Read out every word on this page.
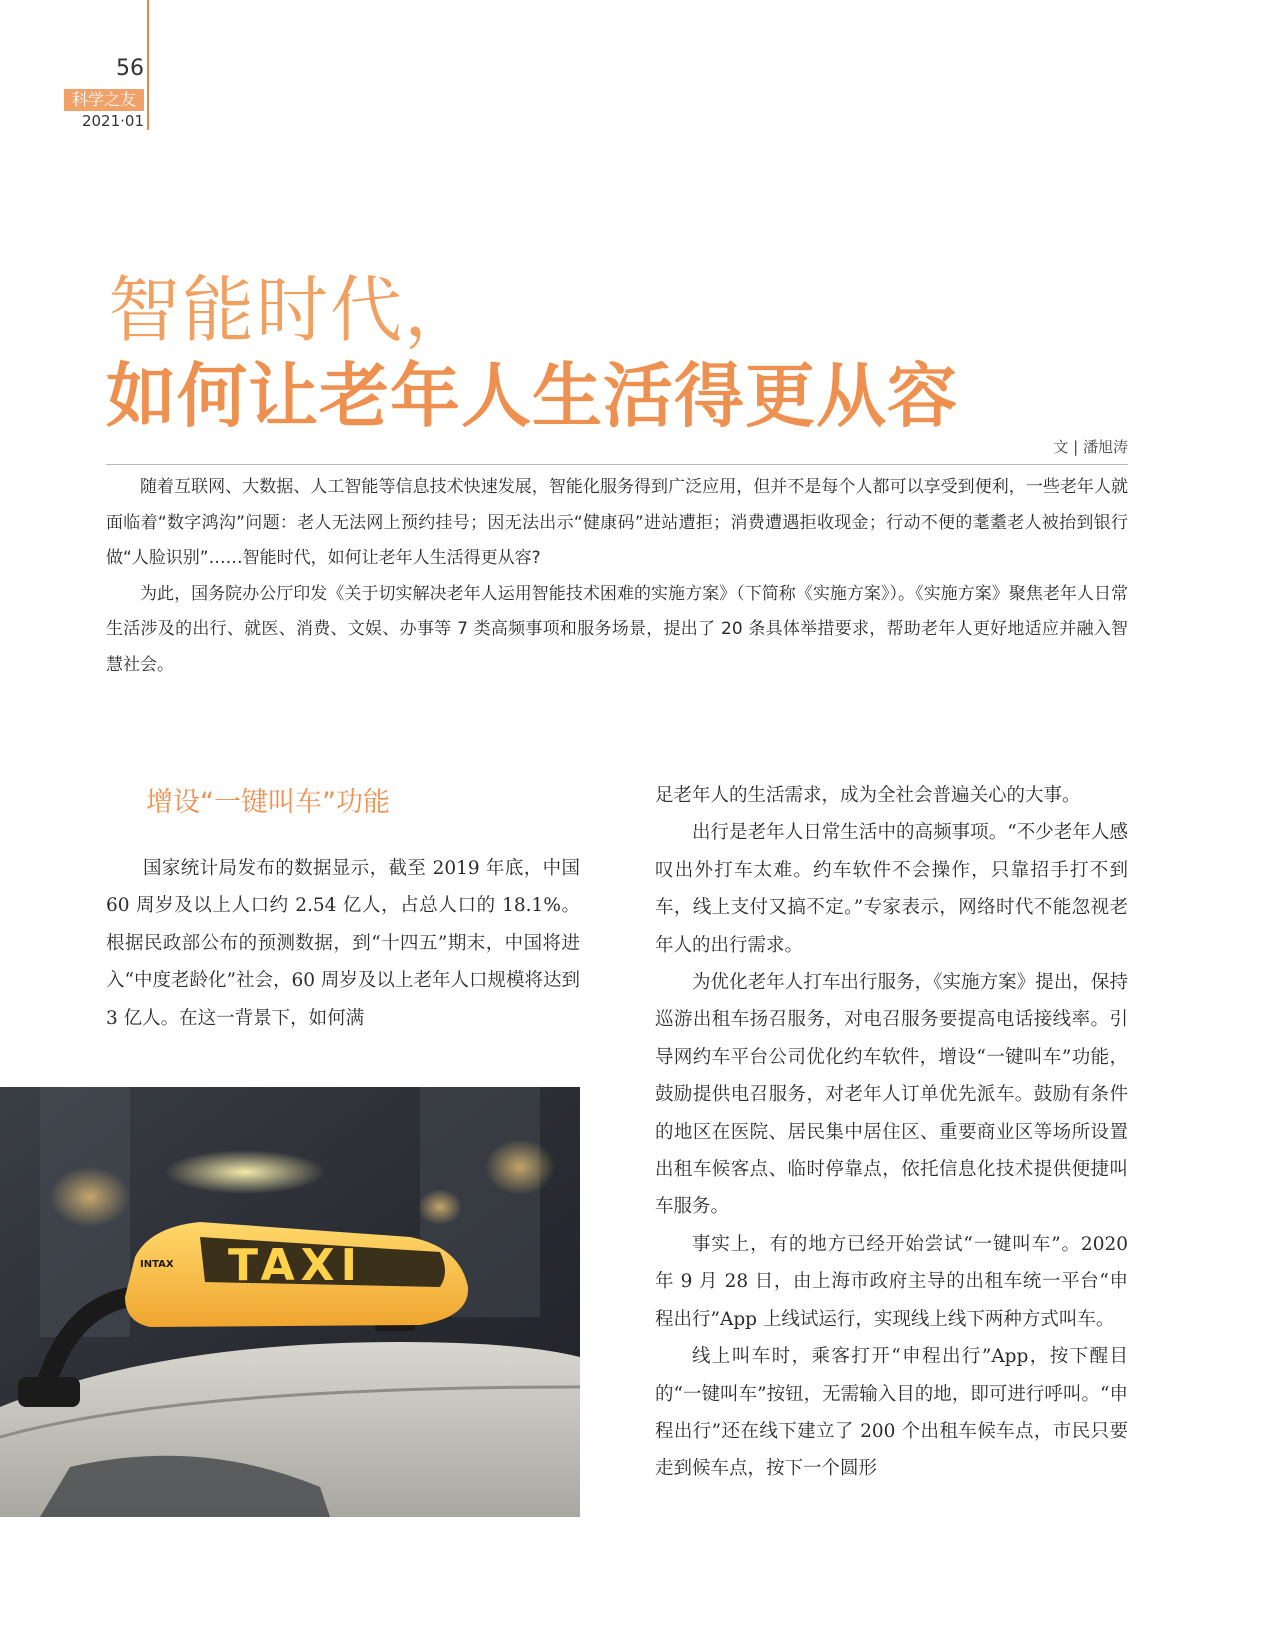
56
科学之友
2021·01
智能时代，
如何让老年人生活得更从容
文 | 潘旭涛

随着互联网、大数据、人工智能等信息技术快速发展，智能化服务得到广泛应用，但并不是每个人都可以享受到便利，一些老年人就面临着“数字鸿沟”问题：老人无法网上预约挂号；因无法出示“健康码”进站遭拒；消费遭遇拒收现金；行动不便的耄耋老人被抬到银行做“人脸识别”……智能时代，如何让老年人生活得更从容?

为此，国务院办公厅印发《关于切实解决老年人运用智能技术困难的实施方案》（下简称《实施方案》）。《实施方案》聚焦老年人日常生活涉及的出行、就医、消费、文娱、办事等 7 类高频事项和服务场景，提出了 20 条具体举措要求，帮助老年人更好地适应并融入智慧社会。

增设“一键叫车”功能

国家统计局发布的数据显示，截至 2019 年底，中国 60 周岁及以上人口约 2.54 亿人，占总人口的 18.1%。根据民政部公布的预测数据，到“十四五”期末，中国将进入“中度老龄化”社会，60 周岁及以上老年人口规模将达到 3 亿人。在这一背景下，如何满

TAXI
INTAX

足老年人的生活需求，成为全社会普遍关心的大事。

出行是老年人日常生活中的高频事项。“不少老年人感叹出外打车太难。约车软件不会操作，只靠招手打不到车，线上支付又搞不定。”专家表示，网络时代不能忽视老年人的出行需求。

为优化老年人打车出行服务，《实施方案》提出，保持巡游出租车扬召服务，对电召服务要提高电话接线率。引导网约车平台公司优化约车软件，增设“一键叫车”功能，鼓励提供电召服务，对老年人订单优先派车。鼓励有条件的地区在医院、居民集中居住区、重要商业区等场所设置出租车候客点、临时停靠点，依托信息化技术提供便捷叫车服务。

事实上，有的地方已经开始尝试“一键叫车”。2020 年 9 月 28 日，由上海市政府主导的出租车统一平台“申程出行”App 上线试运行，实现线上线下两种方式叫车。

线上叫车时，乘客打开“申程出行”App，按下醒目的“一键叫车”按钮，无需输入目的地，即可进行呼叫。“申程出行”还在线下建立了 200 个出租车候车点，市民只要走到候车点，按下一个圆形
